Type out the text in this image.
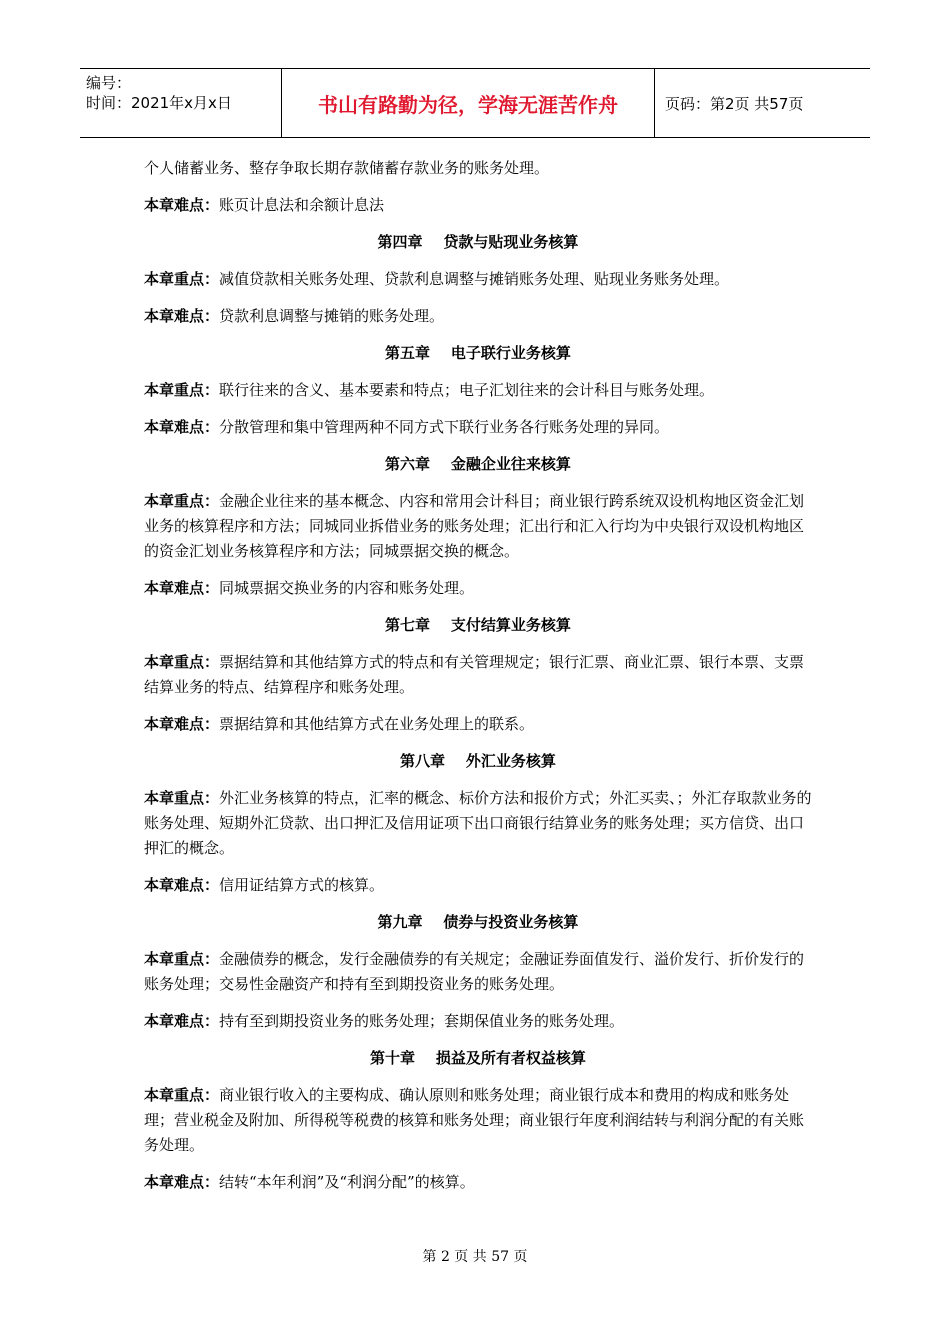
编号：
时间：2021年x月x日	书山有路勤为径，学海无涯苦作舟	页码：第2页 共57页

个人储蓄业务、整存争取长期存款储蓄存款业务的账务处理。

本章难点：账页计息法和余额计息法

第四章    贷款与贴现业务核算

本章重点：减值贷款相关账务处理、贷款利息调整与摊销账务处理、贴现业务账务处理。

本章难点：贷款利息调整与摊销的账务处理。

第五章    电子联行业务核算

本章重点：联行往来的含义、基本要素和特点；电子汇划往来的会计科目与账务处理。

本章难点：分散管理和集中管理两种不同方式下联行业务各行账务处理的异同。

第六章    金融企业往来核算

本章重点：金融企业往来的基本概念、内容和常用会计科目；商业银行跨系统双设机构地区资金汇划业务的核算程序和方法；同城同业拆借业务的账务处理；汇出行和汇入行均为中央银行双设机构地区的资金汇划业务核算程序和方法；同城票据交换的概念。

本章难点：同城票据交换业务的内容和账务处理。

第七章    支付结算业务核算

本章重点：票据结算和其他结算方式的特点和有关管理规定；银行汇票、商业汇票、银行本票、支票结算业务的特点、结算程序和账务处理。

本章难点：票据结算和其他结算方式在业务处理上的联系。

第八章    外汇业务核算

本章重点：外汇业务核算的特点，汇率的概念、标价方法和报价方式；外汇买卖、；外汇存取款业务的账务处理、短期外汇贷款、出口押汇及信用证项下出口商银行结算业务的账务处理；买方信贷、出口押汇的概念。

本章难点：信用证结算方式的核算。

第九章    债券与投资业务核算

本章重点：金融债券的概念，发行金融债券的有关规定；金融证券面值发行、溢价发行、折价发行的账务处理；交易性金融资产和持有至到期投资业务的账务处理。

本章难点：持有至到期投资业务的账务处理；套期保值业务的账务处理。

第十章    损益及所有者权益核算

本章重点：商业银行收入的主要构成、确认原则和账务处理；商业银行成本和费用的构成和账务处理；营业税金及附加、所得税等税费的核算和账务处理；商业银行年度利润结转与利润分配的有关账务处理。

本章难点：结转“本年利润”及“利润分配”的核算。

第 2 页 共 57 页
